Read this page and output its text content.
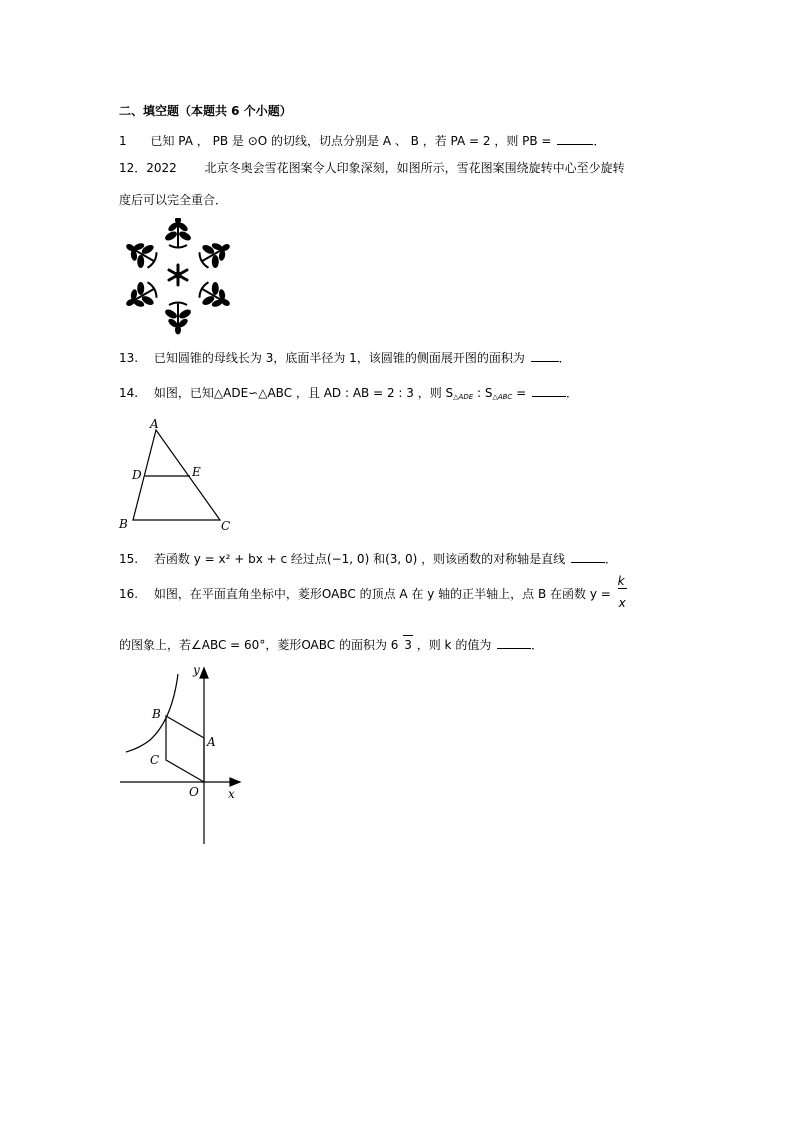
二、填空题（本题共 6 个小题）
1 已知 PA ， PB 是 ⊙O 的切线，切点分别是 A 、 B ，若 PA = 2 ，则 PB =	．
12．2022 北京冬奥会雪花图案令人印象深刻，如图所示，雪花图案围绕旋转中心至少旋转
度后可以完全重合．
13. 已知圆锥的母线长为 3，底面半径为 1，该圆锥的侧面展开图的面积为	．
14. 如图，已知△ADE∽△ABC ，且 AD : AB = 2 : 3 ，则 $S_{\triangle ADE}$ : $S_{\triangle ABC}$ =	．
A
D	E
B	C
15. 若函数 y = x² + bx + c 经过点(−1, 0) 和(3, 0) ，则该函数的对称轴是直线	．
16. 如图，在平面直角坐标中，菱形OABC 的顶点 A 在 y 轴的正半轴上，点 B 在函数 $y = \frac{k}{x}$
的图象上，若∠ABC = 60°，菱形OABC 的面积为 6 3 ，则 k 的值为	．
y
x
O
A
B
C
